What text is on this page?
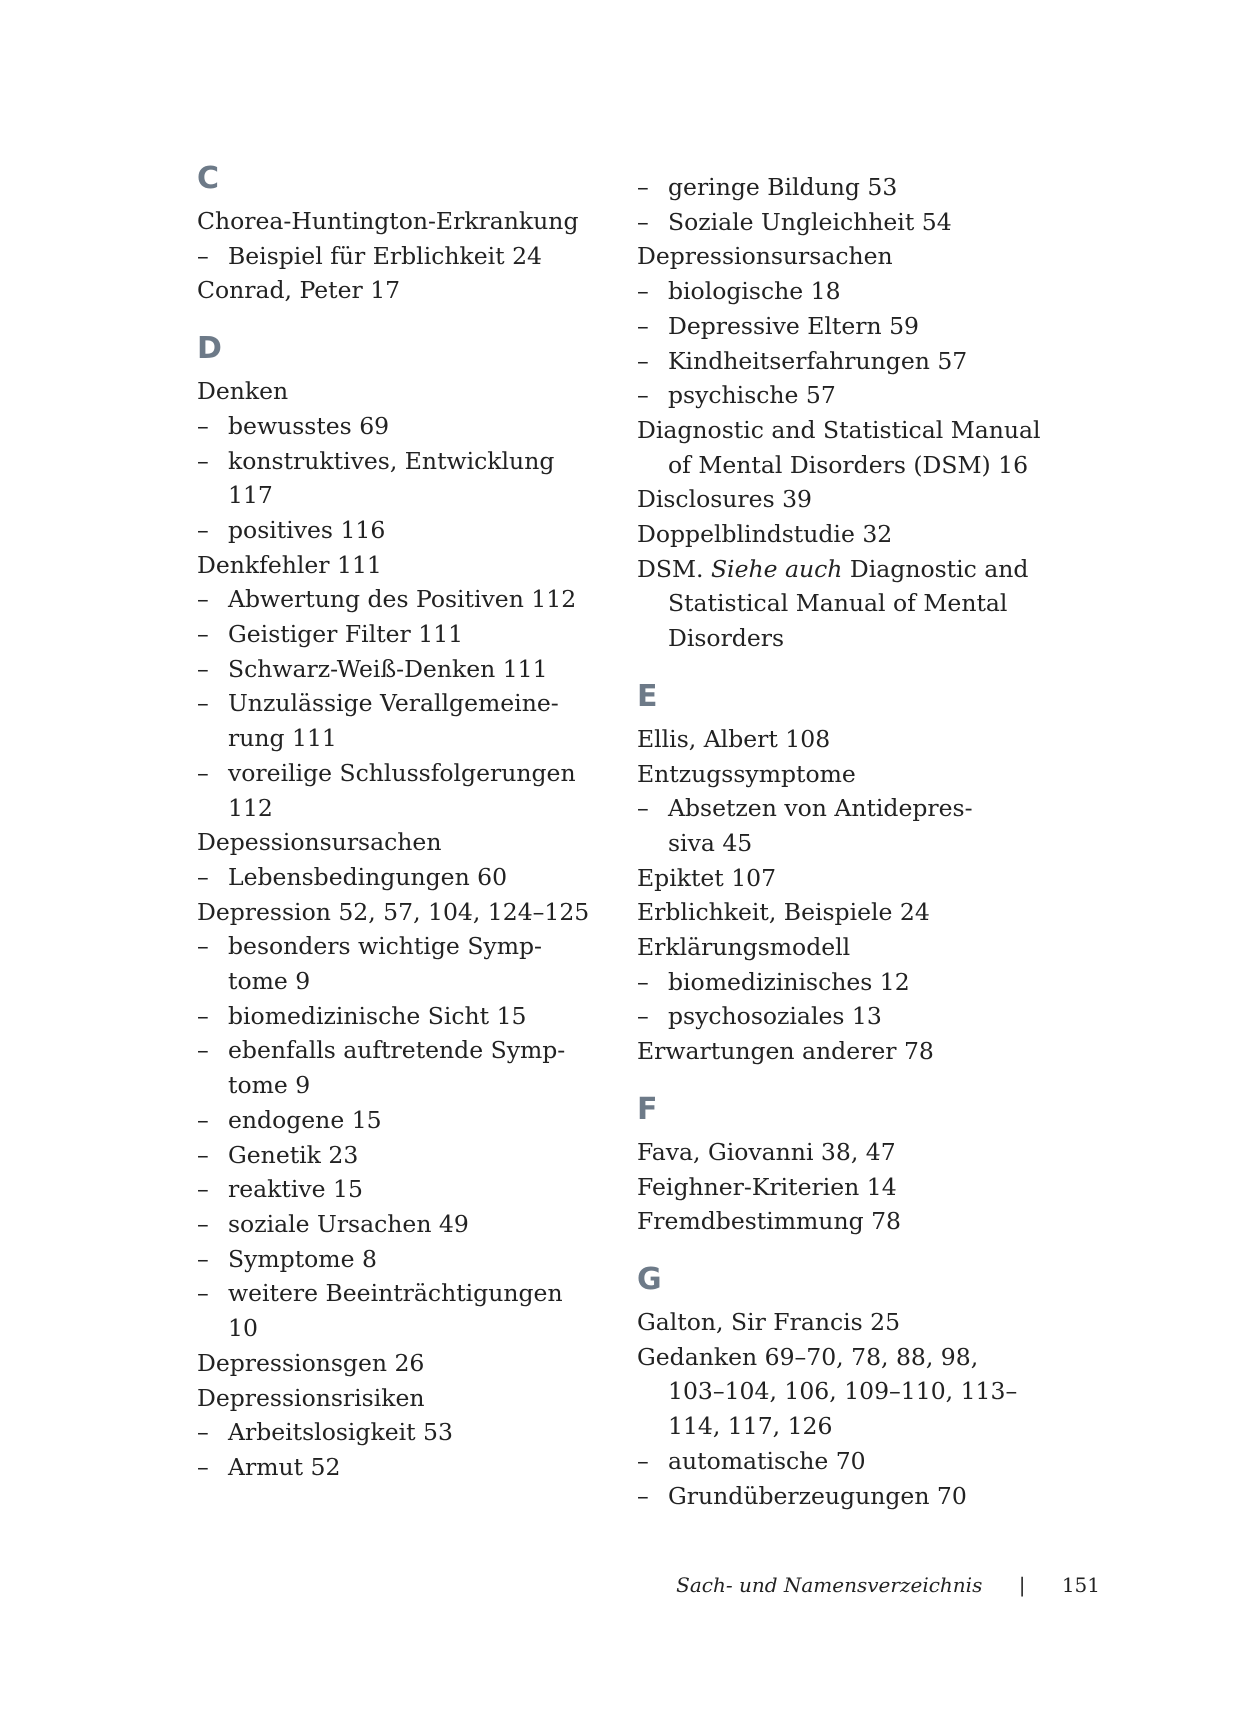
C
Chorea-Huntington-Erkrankung
– Beispiel für Erblichkeit 24
Conrad, Peter 17
D
Denken
– bewusstes 69
– konstruktives, Entwicklung
117
– positives 116
Denkfehler 111
– Abwertung des Positiven 112
– Geistiger Filter 111
– Schwarz-Weiß-Denken 111
– Unzulässige Verallgemeine-
rung 111
– voreilige Schlussfolgerungen
112
Depessionsursachen
– Lebensbedingungen 60
Depression 52, 57, 104, 124–125
– besonders wichtige Symp-
tome 9
– biomedizinische Sicht 15
– ebenfalls auftretende Symp-
tome 9
– endogene 15
– Genetik 23
– reaktive 15
– soziale Ursachen 49
– Symptome 8
– weitere Beeinträchtigungen
10
Depressionsgen 26
Depressionsrisiken
– Arbeitslosigkeit 53
– Armut 52
– geringe Bildung 53
– Soziale Ungleichheit 54
Depressionsursachen
– biologische 18
– Depressive Eltern 59
– Kindheitserfahrungen 57
– psychische 57
Diagnostic and Statistical Manual
of Mental Disorders (DSM) 16
Disclosures 39
Doppelblindstudie 32
DSM. Siehe auch Diagnostic and
Statistical Manual of Mental
Disorders
E
Ellis, Albert 108
Entzugssymptome
– Absetzen von Antidepres-
siva 45
Epiktet 107
Erblichkeit, Beispiele 24
Erklärungsmodell
– biomedizinisches 12
– psychosoziales 13
Erwartungen anderer 78
F
Fava, Giovanni 38, 47
Feighner-Kriterien 14
Fremdbestimmung 78
G
Galton, Sir Francis 25
Gedanken 69–70, 78, 88, 98,
103–104, 106, 109–110, 113–
114, 117, 126
– automatische 70
– Grundüberzeugungen 70
Sach- und Namensverzeichnis | 151
